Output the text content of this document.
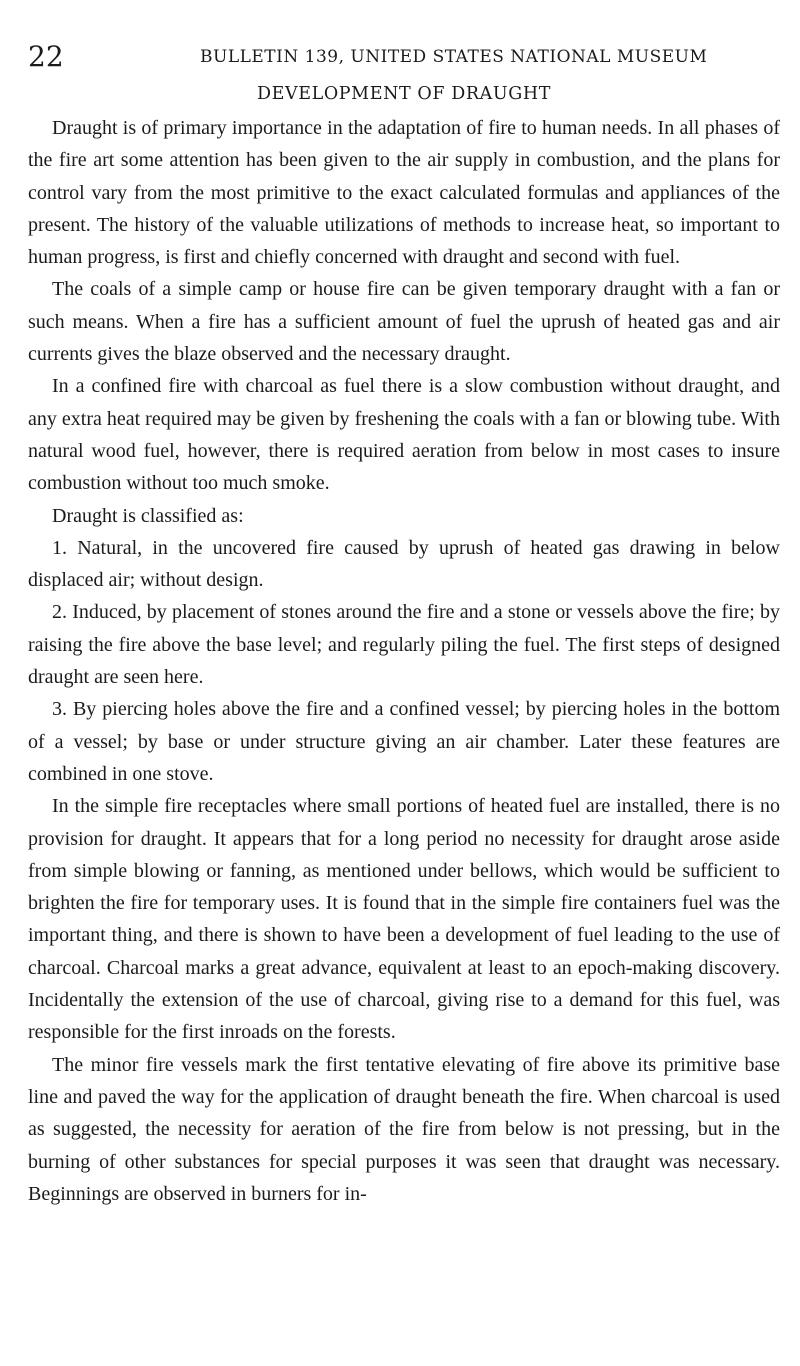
22	BULLETIN 139, UNITED STATES NATIONAL MUSEUM
DEVELOPMENT OF DRAUGHT

Draught is of primary importance in the adaptation of fire to human needs. In all phases of the fire art some attention has been given to the air supply in combustion, and the plans for control vary from the most primitive to the exact calculated formulas and appliances of the present. The history of the valuable utilizations of methods to increase heat, so important to human progress, is first and chiefly concerned with draught and second with fuel.

The coals of a simple camp or house fire can be given temporary draught with a fan or such means. When a fire has a sufficient amount of fuel the uprush of heated gas and air currents gives the blaze observed and the necessary draught.

In a confined fire with charcoal as fuel there is a slow combustion without draught, and any extra heat required may be given by freshening the coals with a fan or blowing tube. With natural wood fuel, however, there is required aeration from below in most cases to insure combustion without too much smoke.

Draught is classified as:

1. Natural, in the uncovered fire caused by uprush of heated gas drawing in below displaced air; without design.

2. Induced, by placement of stones around the fire and a stone or vessels above the fire; by raising the fire above the base level; and regularly piling the fuel. The first steps of designed draught are seen here.

3. By piercing holes above the fire and a confined vessel; by piercing holes in the bottom of a vessel; by base or under structure giving an air chamber. Later these features are combined in one stove.

In the simple fire receptacles where small portions of heated fuel are installed, there is no provision for draught. It appears that for a long period no necessity for draught arose aside from simple blowing or fanning, as mentioned under bellows, which would be sufficient to brighten the fire for temporary uses. It is found that in the simple fire containers fuel was the important thing, and there is shown to have been a development of fuel leading to the use of charcoal. Charcoal marks a great advance, equivalent at least to an epoch-making discovery. Incidentally the extension of the use of charcoal, giving rise to a demand for this fuel, was responsible for the first inroads on the forests.

The minor fire vessels mark the first tentative elevating of fire above its primitive base line and paved the way for the application of draught beneath the fire. When charcoal is used as suggested, the necessity for aeration of the fire from below is not pressing, but in the burning of other substances for special purposes it was seen that draught was necessary. Beginnings are observed in burners for in-
